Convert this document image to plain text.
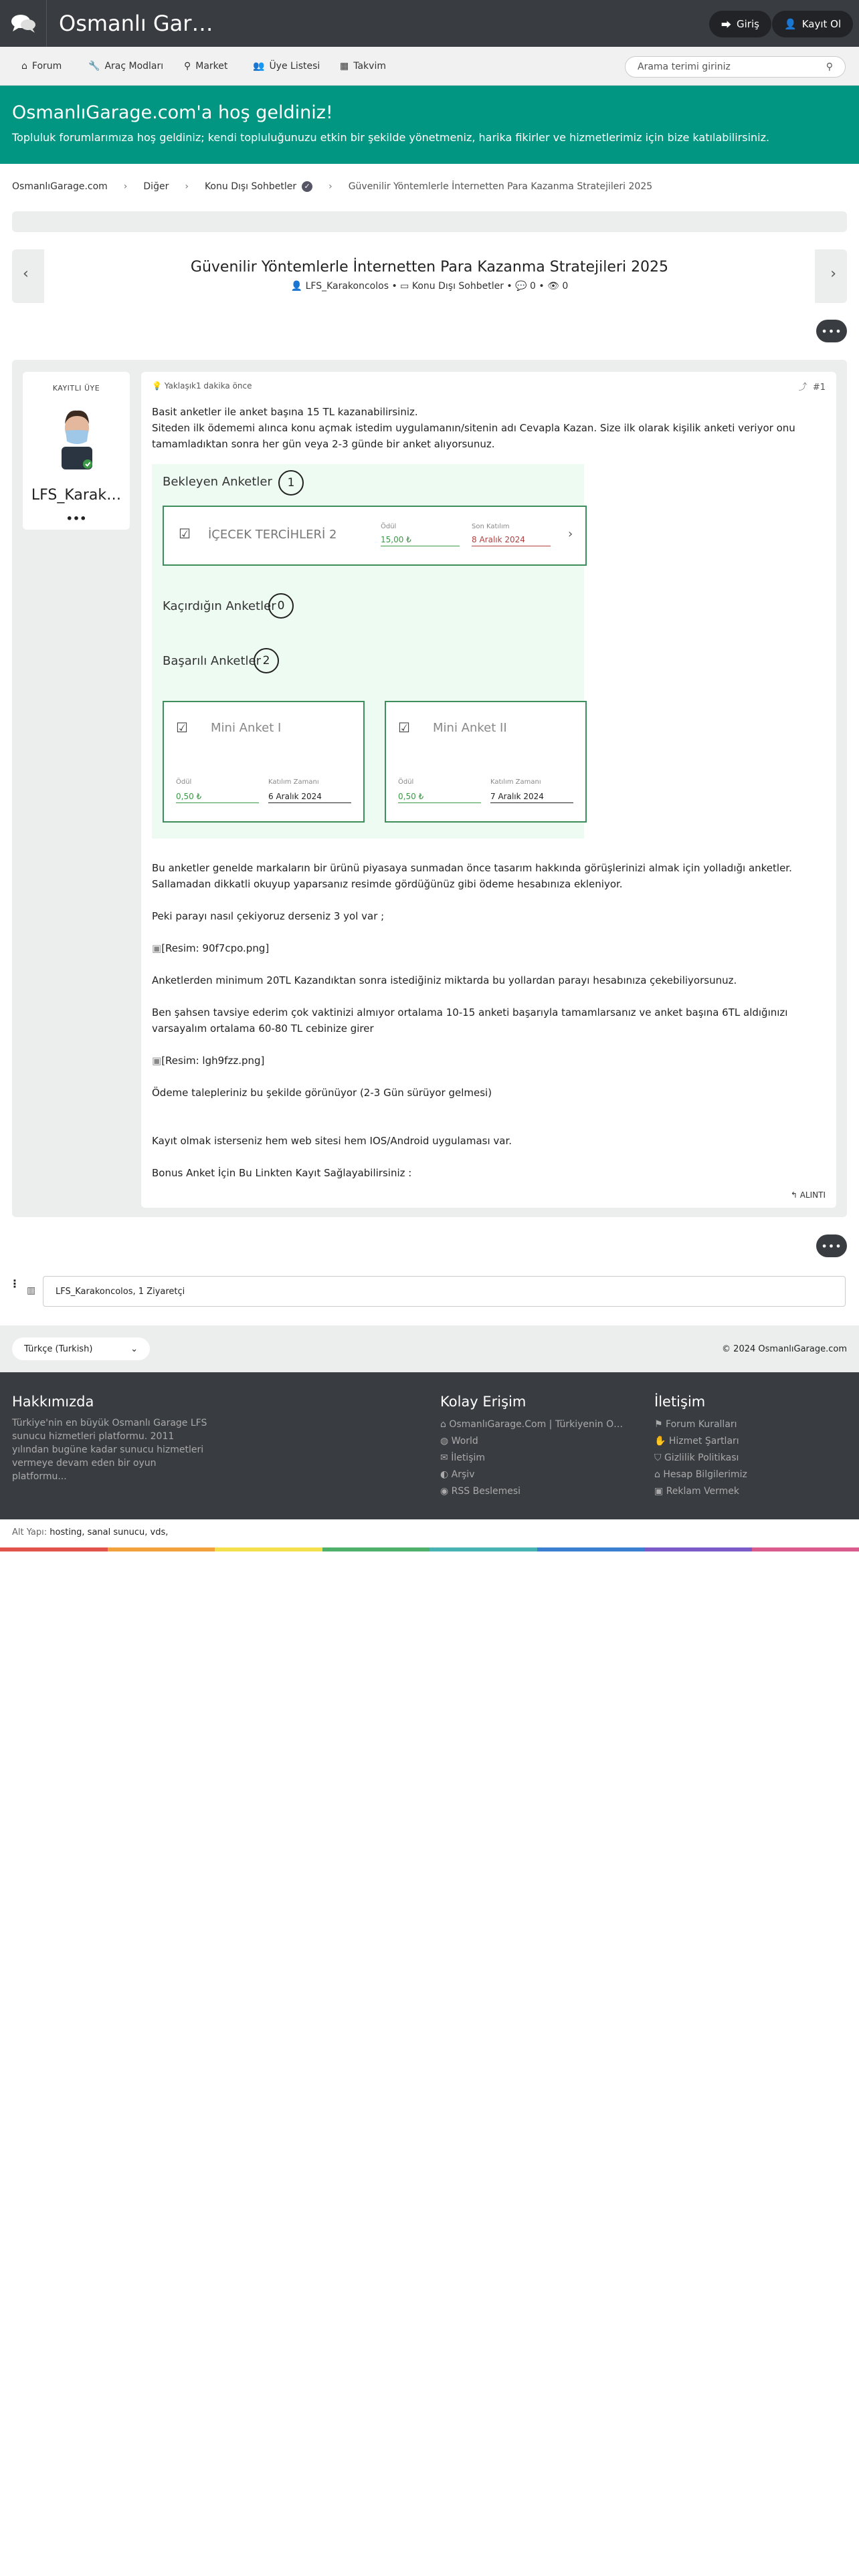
Osmanlı Gar…	⮕ Giriş 👤 Kayıt Ol
⌂ Forum	🔧 Araç Modları ⚲ Market	👥 Üye Listesi ▦ Takvim	Arama terimi giriniz	⚲
OsmanlıGarage.com'a hoş geldiniz!

Topluluk forumlarımıza hoş geldiniz; kendi topluluğunuzu etkin bir şekilde yönetmeniz, harika fikirler ve hizmetlerimiz için bize katılabilirsiniz.

OsmanlıGarage.com › Diğer › Konu Dışı Sohbetler	✓ › Güvenilir Yöntemlerle İnternetten Para Kazanma Stratejileri 2025
‹	Güvenilir Yöntemlerle İnternetten Para Kazanma Stratejileri 2025
👤 LFS_Karakoncolos • ▭ Konu Dışı Sohbetler • 💬 0 • 👁 0
›
•••
KAYITLI ÜYE
LFS_Karak…
•••
💡 Yaklaşık1 dakika önce	⤴ #1
Basit anketler ile anket başına 15 TL kazanabilirsiniz.
Siteden ilk ödememi alınca konu açmak istedim uygulamanın/sitenin adı Cevapla Kazan. Size ilk olarak kişilik anketi veriyor onu tamamladıktan sonra her gün veya 2-3 günde bir anket alıyorsunuz.
Bekleyen Anketler	1
☑ İÇECEK TERCİHLERİ 2
Ödül
15,00 ₺
Son Katılım
8 Aralık 2024	›
Kaçırdığın Anketler 0
Başarılı Anketler 2
☑ Mini Anket I
Ödül
0,50 ₺
Katılım Zamanı
6 Aralık 2024
☑ Mini Anket II
Ödül
0,50 ₺
Katılım Zamanı
7 Aralık 2024

Bu anketler genelde markaların bir ürünü piyasaya sunmadan önce tasarım hakkında görüşlerinizi almak için yolladığı anketler. Sallamadan dikkatli okuyup yaparsanız resimde gördüğünüz gibi ödeme hesabınıza ekleniyor.

Peki parayı nasıl çekiyoruz derseniz 3 yol var ;

▣[Resim: 90f7cpo.png]

Anketlerden minimum 20TL Kazandıktan sonra istediğiniz miktarda bu yollardan parayı hesabınıza çekebiliyorsunuz.

Ben şahsen tavsiye ederim çok vaktinizi almıyor ortalama 10-15 anketi başarıyla tamamlarsanız ve anket başına 6TL aldığınızı varsayalım ortalama 60-80 TL cebinize girer

▣[Resim: lgh9fzz.png]

Ödeme talepleriniz bu şekilde görünüyor (2-3 Gün sürüyor gelmesi)

Kayıt olmak isterseniz hem web sitesi hem IOS/Android uygulaması var.

Bonus Anket İçin Bu Linkten Kayıt Sağlayabilirsiniz :

↰ ALINTI
•••
⋮
▥	LFS_Karakoncolos, 1 Ziyaretçi
Türkçe (Turkish)	⌄	© 2024 OsmanlıGarage.com
Hakkımızda
Türkiye'nin en büyük Osmanlı Garage LFS sunucu hizmetleri platformu. 2011 yılından bugüne kadar sunucu hizmetleri vermeye devam eden bir oyun platformu...
Kolay Erişim
⌂ OsmanlıGarage.Com | Türkiyenin O…
◍ World
✉ İletişim
◐ Arşiv
◉ RSS Beslemesi
İletişim
⚑ Forum Kuralları
✋ Hizmet Şartları
⛉ Gizlilik Politikası
⌂ Hesap Bilgilerimiz
▣ Reklam Vermek
Alt Yapı: hosting, sanal sunucu, vds,
